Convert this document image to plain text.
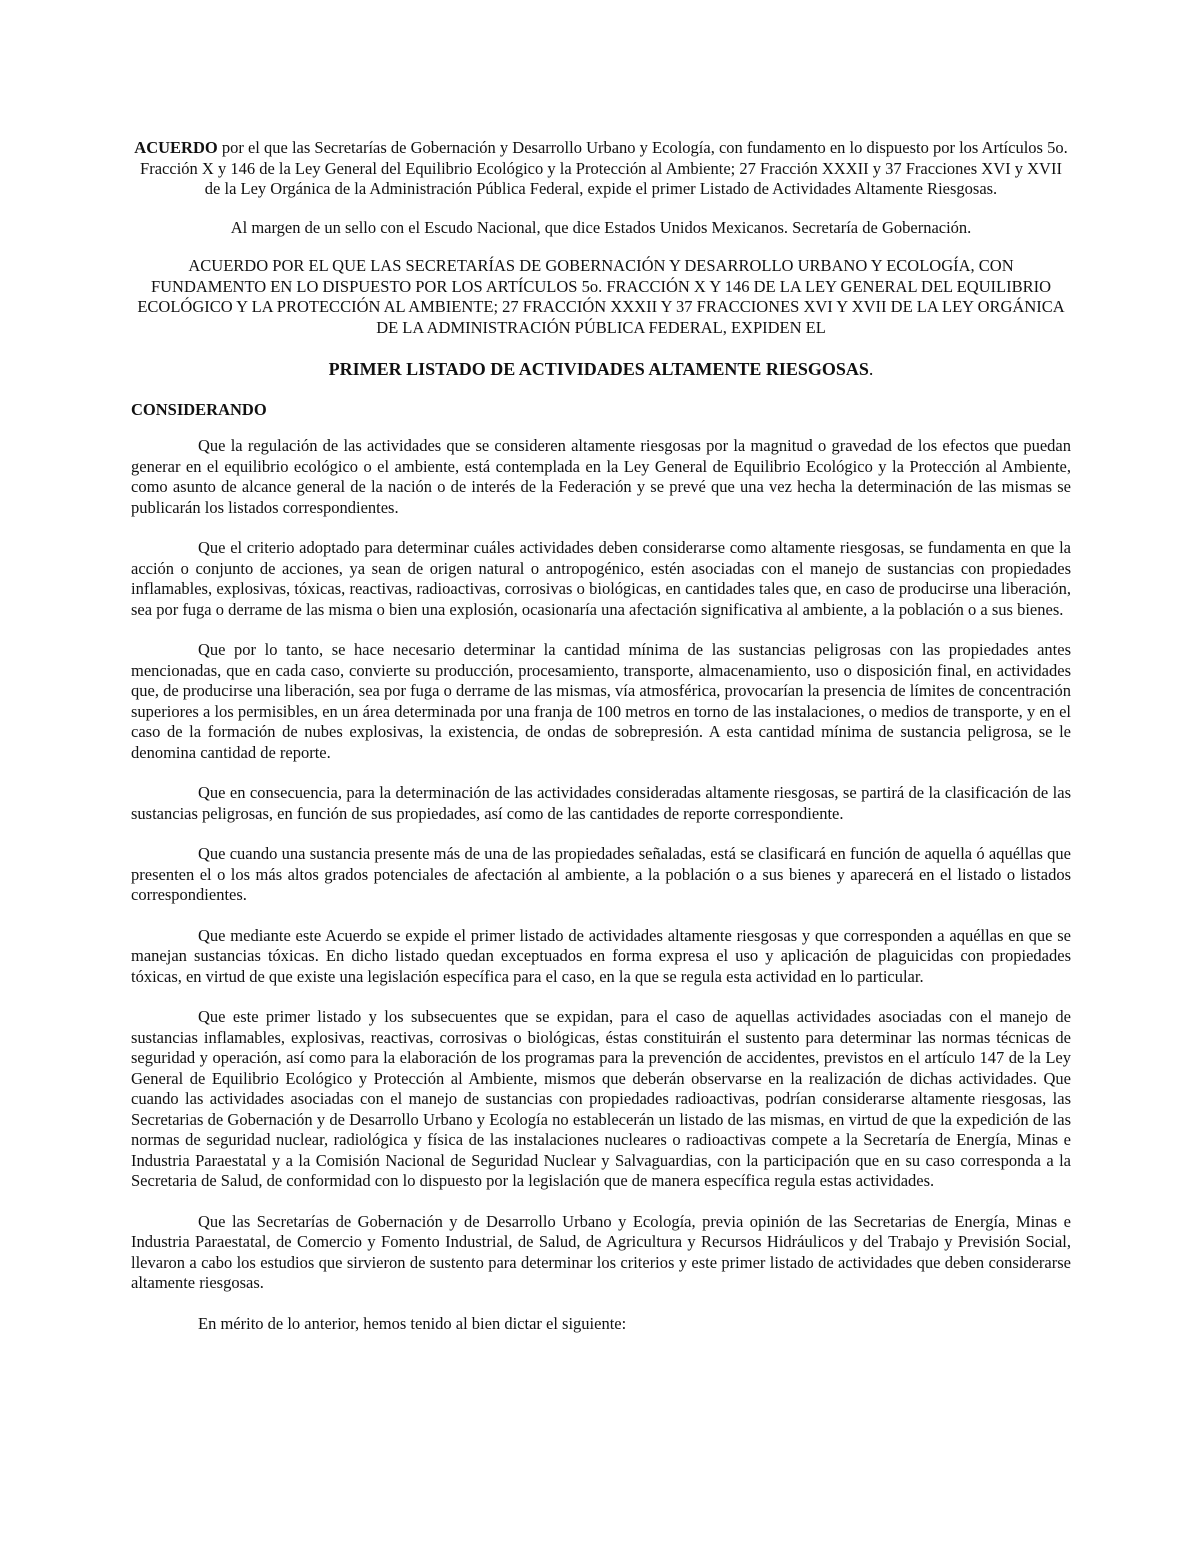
ACUERDO por el que las Secretarías de Gobernación y Desarrollo Urbano y Ecología, con fundamento en lo dispuesto por los Artículos 5o. Fracción X y 146 de la Ley General del Equilibrio Ecológico y la Protección al Ambiente; 27 Fracción XXXII y 37 Fracciones XVI y XVII de la Ley Orgánica de la Administración Pública Federal, expide el primer Listado de Actividades Altamente Riesgosas.

Al margen de un sello con el Escudo Nacional, que dice Estados Unidos Mexicanos. Secretaría de Gobernación.

ACUERDO POR EL QUE LAS SECRETARÍAS DE GOBERNACIÓN Y DESARROLLO URBANO Y ECOLOGÍA, CON FUNDAMENTO EN LO DISPUESTO POR LOS ARTÍCULOS 5o. FRACCIÓN X Y 146 DE LA LEY GENERAL DEL EQUILIBRIO ECOLÓGICO Y LA PROTECCIÓN AL AMBIENTE; 27 FRACCIÓN XXXII Y 37 FRACCIONES XVI Y XVII DE LA LEY ORGÁNICA DE LA ADMINISTRACIÓN PÚBLICA FEDERAL, EXPIDEN EL

PRIMER LISTADO DE ACTIVIDADES ALTAMENTE RIESGOSAS.

CONSIDERANDO

Que la regulación de las actividades que se consideren altamente riesgosas por la magnitud o gravedad de los efectos que puedan generar en el equilibrio ecológico o el ambiente, está contemplada en la Ley General de Equilibrio Ecológico y la Protección al Ambiente, como asunto de alcance general de la nación o de interés de la Federación y se prevé que una vez hecha la determinación de las mismas se publicarán los listados correspondientes.

Que el criterio adoptado para determinar cuáles actividades deben considerarse como altamente riesgosas, se fundamenta en que la acción o conjunto de acciones, ya sean de origen natural o antropogénico, estén asociadas con el manejo de sustancias con propiedades inflamables, explosivas, tóxicas, reactivas, radioactivas, corrosivas o biológicas, en cantidades tales que, en caso de producirse una liberación, sea por fuga o derrame de las misma o bien una explosión, ocasionaría una afectación significativa al ambiente, a la población o a sus bienes.

Que por lo tanto, se hace necesario determinar la cantidad mínima de las sustancias peligrosas con las propiedades antes mencionadas, que en cada caso, convierte su producción, procesamiento, transporte, almacenamiento, uso o disposición final, en actividades que, de producirse una liberación, sea por fuga o derrame de las mismas, vía atmosférica, provocarían la presencia de límites de concentración superiores a los permisibles, en un área determinada por una franja de 100 metros en torno de las instalaciones, o medios de transporte, y en el caso de la formación de nubes explosivas, la existencia, de ondas de sobrepresión. A esta cantidad mínima de sustancia peligrosa, se le denomina cantidad de reporte.

Que en consecuencia, para la determinación de las actividades consideradas altamente riesgosas, se partirá de la clasificación de las sustancias peligrosas, en función de sus propiedades, así como de las cantidades de reporte correspondiente.

Que cuando una sustancia presente más de una de las propiedades señaladas, está se clasificará en función de aquella ó aquéllas que presenten el o los más altos grados potenciales de afectación al ambiente, a la población o a sus bienes y aparecerá en el listado o listados correspondientes.

Que mediante este Acuerdo se expide el primer listado de actividades altamente riesgosas y que corresponden a aquéllas en que se manejan sustancias tóxicas. En dicho listado quedan exceptuados en forma expresa el uso y aplicación de plaguicidas con propiedades tóxicas, en virtud de que existe una legislación específica para el caso, en la que se regula esta actividad en lo particular.

Que este primer listado y los subsecuentes que se expidan, para el caso de aquellas actividades asociadas con el manejo de sustancias inflamables, explosivas, reactivas, corrosivas o biológicas, éstas constituirán el sustento para determinar las normas técnicas de seguridad y operación, así como para la elaboración de los programas para la prevención de accidentes, previstos en el artículo 147 de la Ley General de Equilibrio Ecológico y Protección al Ambiente, mismos que deberán observarse en la realización de dichas actividades. Que cuando las actividades asociadas con el manejo de sustancias con propiedades radioactivas, podrían considerarse altamente riesgosas, las Secretarias de Gobernación y de Desarrollo Urbano y Ecología no establecerán un listado de las mismas, en virtud de que la expedición de las normas de seguridad nuclear, radiológica y física de las instalaciones nucleares o radioactivas compete a la Secretaría de Energía, Minas e Industria Paraestatal y a la Comisión Nacional de Seguridad Nuclear y Salvaguardias, con la participación que en su caso corresponda a la Secretaria de Salud, de conformidad con lo dispuesto por la legislación que de manera específica regula estas actividades.

Que las Secretarías de Gobernación y de Desarrollo Urbano y Ecología, previa opinión de las Secretarias de Energía, Minas e Industria Paraestatal, de Comercio y Fomento Industrial, de Salud, de Agricultura y Recursos Hidráulicos y del Trabajo y Previsión Social, llevaron a cabo los estudios que sirvieron de sustento para determinar los criterios y este primer listado de actividades que deben considerarse altamente riesgosas.

En mérito de lo anterior, hemos tenido al bien dictar el siguiente:
